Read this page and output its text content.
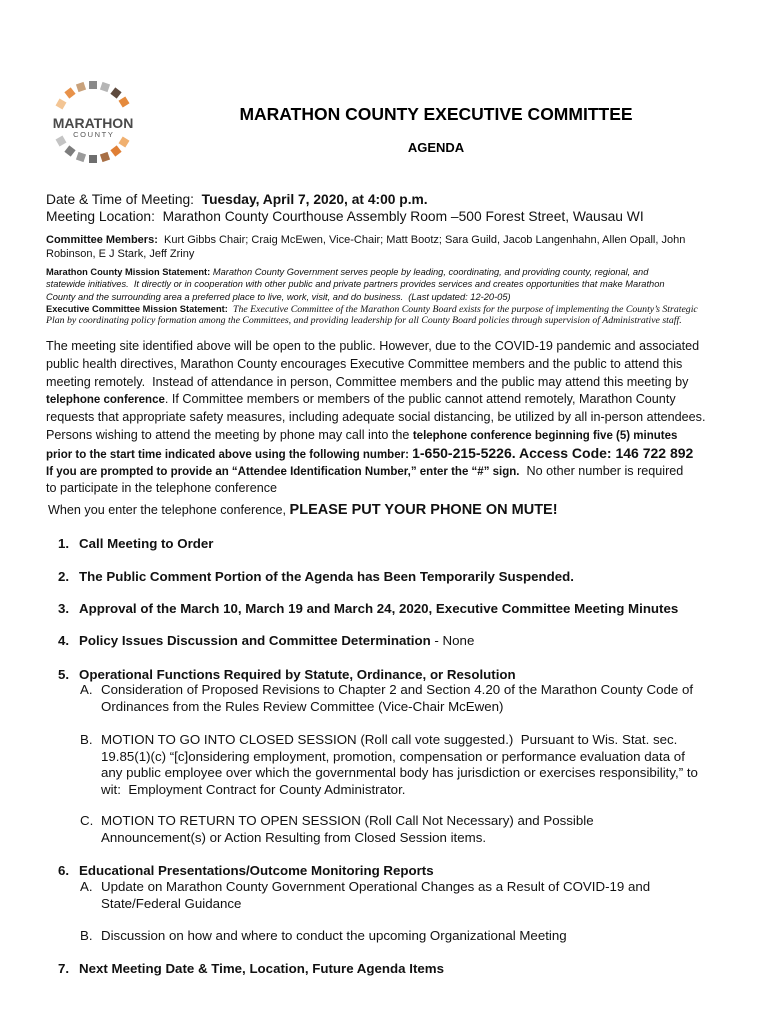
MARATHON
COUNTY
MARATHON COUNTY EXECUTIVE COMMITTEE
AGENDA
Date & Time of Meeting: Tuesday, April 7, 2020, at 4:00 p.m.
Meeting Location: Marathon County Courthouse Assembly Room –500 Forest Street, Wausau WI
Committee Members: Kurt Gibbs Chair; Craig McEwen, Vice-Chair; Matt Bootz; Sara Guild, Jacob Langenhahn, Allen Opall, John
Robinson, E J Stark, Jeff Zriny
Marathon County Mission Statement: Marathon County Government serves people by leading, coordinating, and providing county, regional, and
statewide initiatives.  It directly or in cooperation with other public and private partners provides services and creates opportunities that make Marathon
County and the surrounding area a preferred place to live, work, visit, and do business.  (Last updated: 12-20-05)
Executive Committee Mission Statement: The Executive Committee of the Marathon County Board exists for the purpose of implementing the County’s Strategic
Plan by coordinating policy formation among the Committees, and providing leadership for all County Board policies through supervision of Administrative staff.
The meeting site identified above will be open to the public. However, due to the COVID-19 pandemic and associated
public health directives, Marathon County encourages Executive Committee members and the public to attend this
meeting remotely.  Instead of attendance in person, Committee members and the public may attend this meeting by
telephone conference. If Committee members or members of the public cannot attend remotely, Marathon County
requests that appropriate safety measures, including adequate social distancing, be utilized by all in-person attendees.
Persons wishing to attend the meeting by phone may call into the telephone conference beginning five (5) minutes
prior to the start time indicated above using the following number: 1-650-215-5226. Access Code: 146 722 892
If you are prompted to provide an “Attendee Identification Number,” enter the “#” sign.  No other number is required
to participate in the telephone conference
When you enter the telephone conference, PLEASE PUT YOUR PHONE ON MUTE!
1. Call Meeting to Order
2. The Public Comment Portion of the Agenda has Been Temporarily Suspended.
3. Approval of the March 10, March 19 and March 24, 2020, Executive Committee Meeting Minutes
4. Policy Issues Discussion and Committee Determination - None
5. Operational Functions Required by Statute, Ordinance, or Resolution
A. Consideration of Proposed Revisions to Chapter 2 and Section 4.20 of the Marathon County Code of
Ordinances from the Rules Review Committee (Vice-Chair McEwen)
B. MOTION TO GO INTO CLOSED SESSION (Roll call vote suggested.)  Pursuant to Wis. Stat. sec.
19.85(1)(c) “[c]onsidering employment, promotion, compensation or performance evaluation data of
any public employee over which the governmental body has jurisdiction or exercises responsibility,” to
wit:  Employment Contract for County Administrator.
C. MOTION TO RETURN TO OPEN SESSION (Roll Call Not Necessary) and Possible
Announcement(s) or Action Resulting from Closed Session items.
6. Educational Presentations/Outcome Monitoring Reports
A. Update on Marathon County Government Operational Changes as a Result of COVID-19 and
State/Federal Guidance
B. Discussion on how and where to conduct the upcoming Organizational Meeting
7. Next Meeting Date & Time, Location, Future Agenda Items
